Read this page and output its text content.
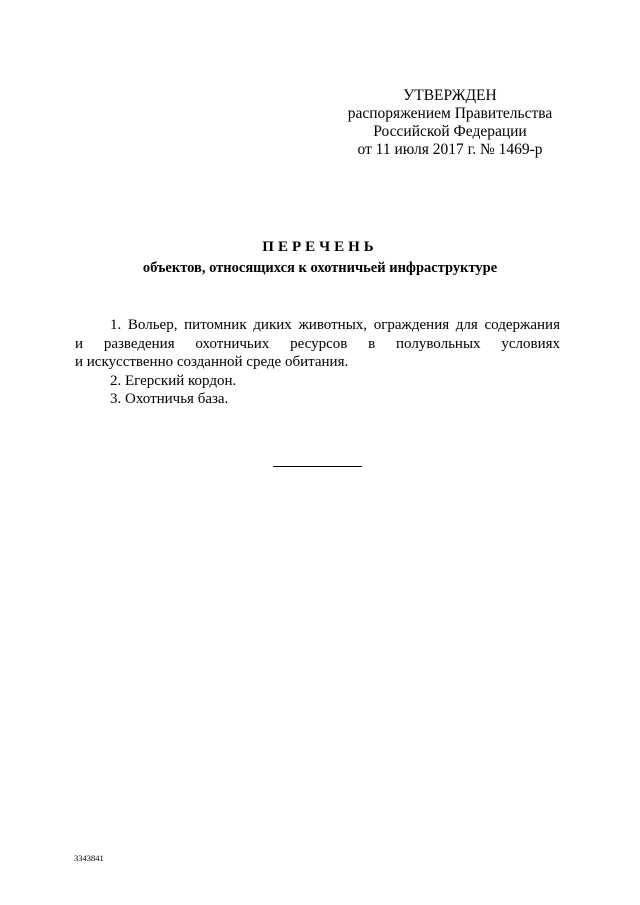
УТВЕРЖДЕН
распоряжением Правительства
Российской Федерации
от 11 июля 2017 г. № 1469-р

ПЕРЕЧЕНЬ

объектов, относящихся к охотничьей инфраструктуре

1. Вольер, питомник диких животных, ограждения для содержания

и разведения охотничьих ресурсов в полувольных условиях

и искусственно созданной среде обитания.

2. Егерский кордон.

3. Охотничья база.

3343841
